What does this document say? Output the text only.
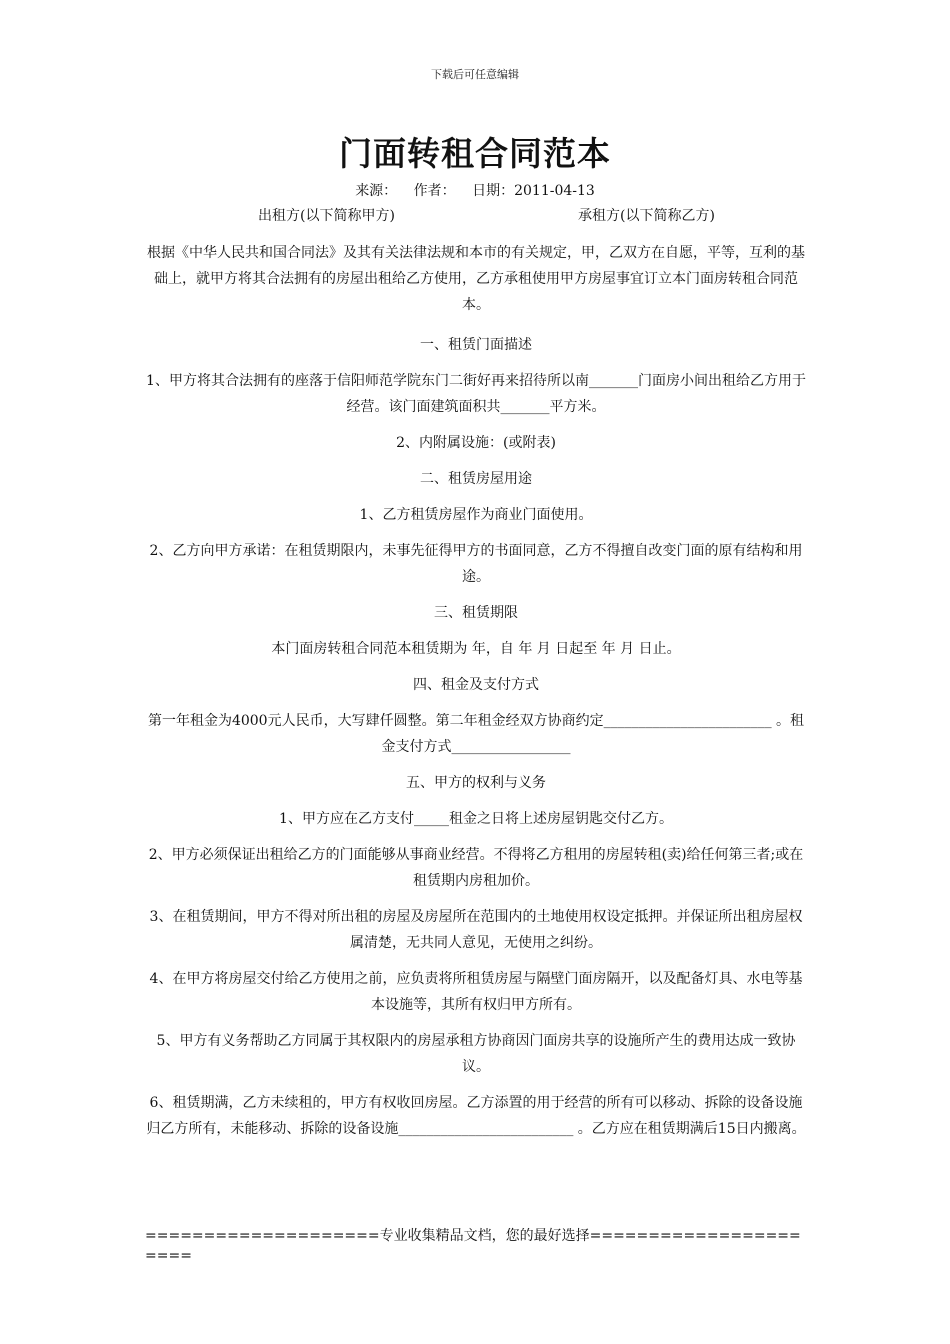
下载后可任意编辑
门面转租合同范本
来源： 作者： 日期：2011-04-13
出租方(以下简称甲方)	承租方(以下简称乙方)

根据《中华人民共和国合同法》及其有关法律法规和本市的有关规定，甲，乙双方在自愿，平等，互利的基础上，就甲方将其合法拥有的房屋出租给乙方使用，乙方承租使用甲方房屋事宜订立本门面房转租合同范本。

一、租赁门面描述

1、甲方将其合法拥有的座落于信阳师范学院东门二街好再来招待所以南_______门面房小间出租给乙方用于经营。该门面建筑面积共_______平方米。

2、内附属设施：(或附表)

二、租赁房屋用途

1、乙方租赁房屋作为商业门面使用。

2、乙方向甲方承诺：在租赁期限内，未事先征得甲方的书面同意，乙方不得擅自改变门面的原有结构和用途。

三、租赁期限

本门面房转租合同范本租赁期为 年，自 年 月 日起至 年 月 日止。

四、租金及支付方式

第一年租金为4000元人民币，大写肆仟圆整。第二年租金经双方协商约定________________________ 。租金支付方式_________________

五、甲方的权利与义务

1、甲方应在乙方支付_____租金之日将上述房屋钥匙交付乙方。

2、甲方必须保证出租给乙方的门面能够从事商业经营。不得将乙方租用的房屋转租(卖)给任何第三者;或在租赁期内房租加价。

3、在租赁期间，甲方不得对所出租的房屋及房屋所在范围内的土地使用权设定抵押。并保证所出租房屋权属清楚，无共同人意见，无使用之纠纷。

4、在甲方将房屋交付给乙方使用之前，应负责将所租赁房屋与隔壁门面房隔开，以及配备灯具、水电等基本设施等，其所有权归甲方所有。

5、甲方有义务帮助乙方同属于其权限内的房屋承租方协商因门面房共享的设施所产生的费用达成一致协议。

6、租赁期满，乙方未续租的，甲方有权收回房屋。乙方添置的用于经营的所有可以移动、拆除的设备设施归乙方所有，未能移动、拆除的设备设施_________________________ 。乙方应在租赁期满后15日内搬离。

====================专业收集精品文档，您的最好选择======================
